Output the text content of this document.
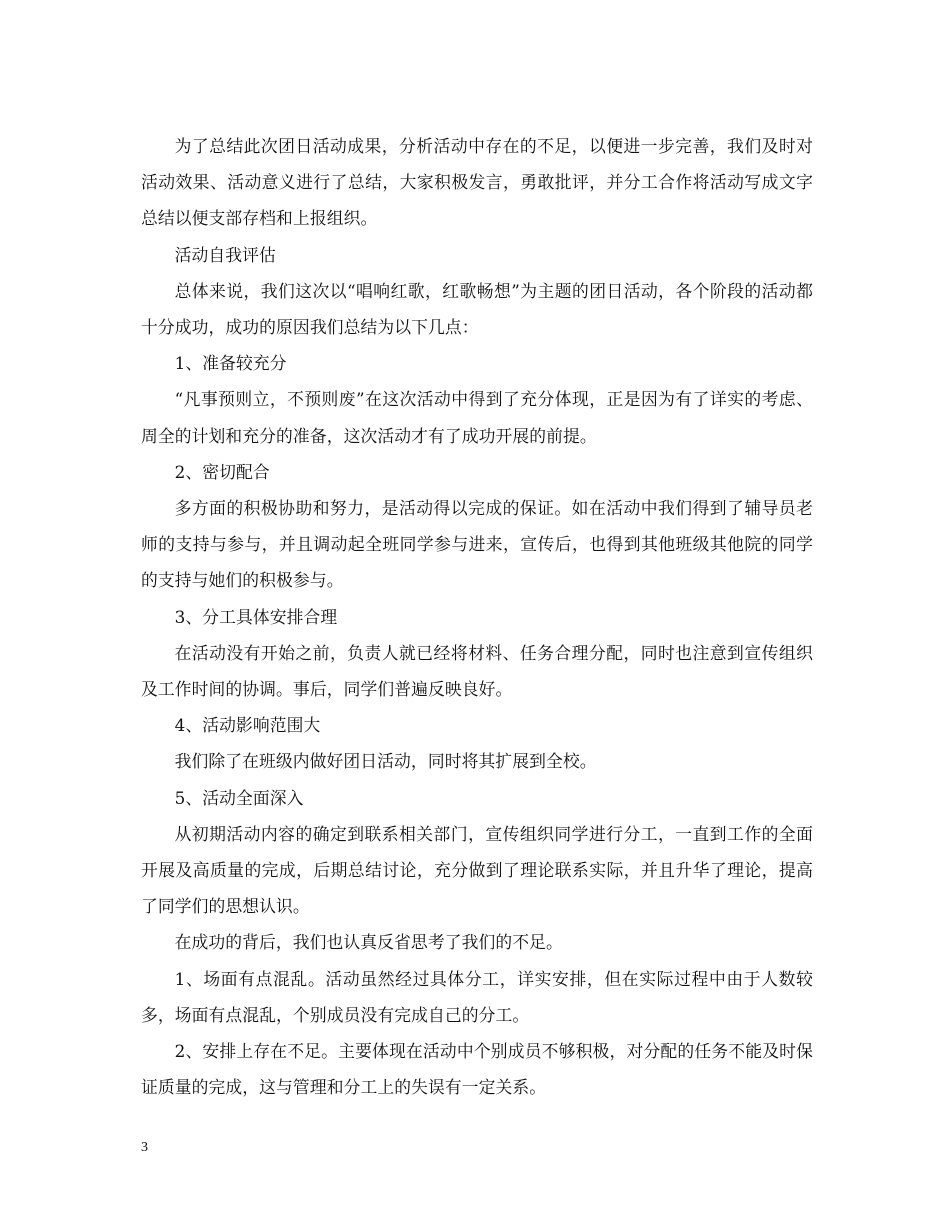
为了总结此次团日活动成果，分析活动中存在的不足，以便进一步完善，我们及时对活动效果、活动意义进行了总结，大家积极发言，勇敢批评，并分工合作将活动写成文字总结以便支部存档和上报组织。

活动自我评估

总体来说，我们这次以“唱响红歌，红歌畅想”为主题的团日活动，各个阶段的活动都十分成功，成功的原因我们总结为以下几点：

1、准备较充分

“凡事预则立，不预则废”在这次活动中得到了充分体现，正是因为有了详实的考虑、周全的计划和充分的准备，这次活动才有了成功开展的前提。

2、密切配合

多方面的积极协助和努力，是活动得以完成的保证。如在活动中我们得到了辅导员老师的支持与参与，并且调动起全班同学参与进来，宣传后，也得到其他班级其他院的同学的支持与她们的积极参与。

3、分工具体安排合理

在活动没有开始之前，负责人就已经将材料、任务合理分配，同时也注意到宣传组织及工作时间的协调。事后，同学们普遍反映良好。

4、活动影响范围大

我们除了在班级内做好团日活动，同时将其扩展到全校。

5、活动全面深入

从初期活动内容的确定到联系相关部门，宣传组织同学进行分工，一直到工作的全面开展及高质量的完成，后期总结讨论，充分做到了理论联系实际，并且升华了理论，提高了同学们的思想认识。

在成功的背后，我们也认真反省思考了我们的不足。

1、场面有点混乱。活动虽然经过具体分工，详实安排，但在实际过程中由于人数较多，场面有点混乱，个别成员没有完成自己的分工。

2、安排上存在不足。主要体现在活动中个别成员不够积极，对分配的任务不能及时保证质量的完成，这与管理和分工上的失误有一定关系。

3
